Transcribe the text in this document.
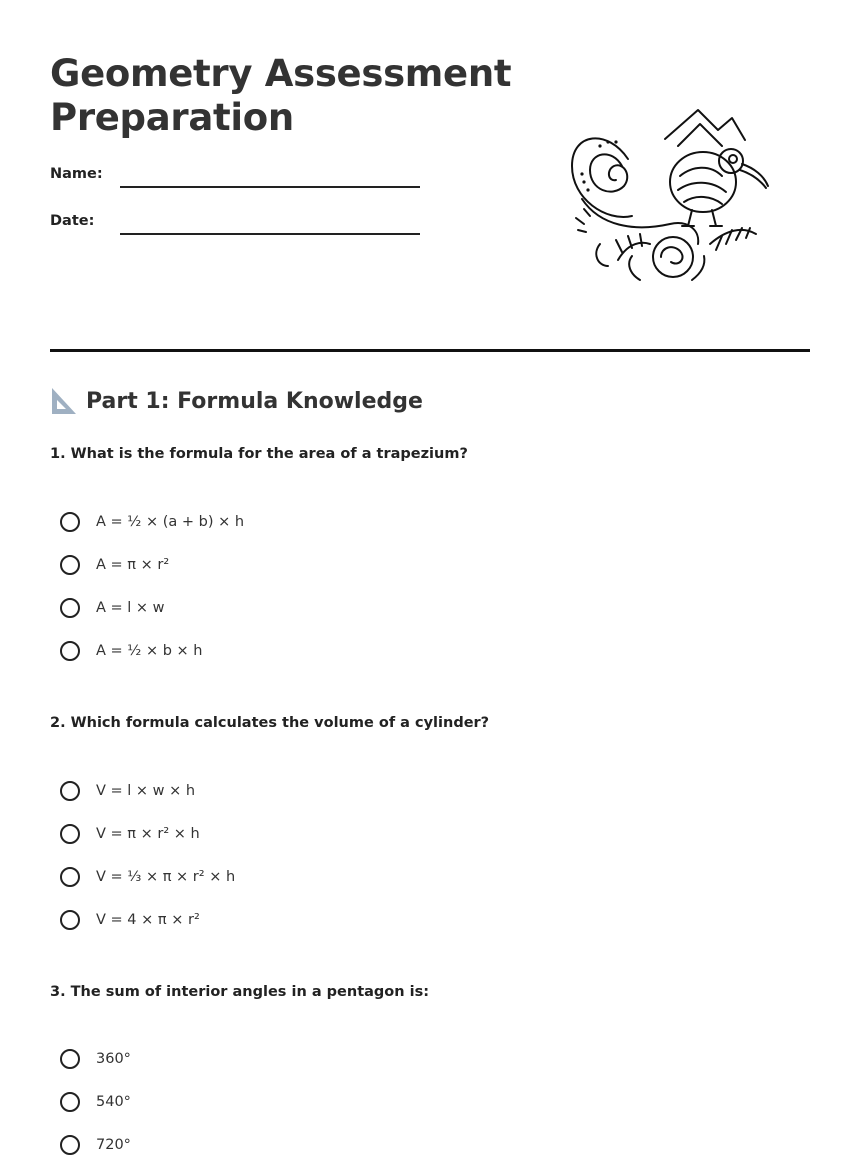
Geometry Assessment
Preparation
Name:
Date:
Part 1: Formula Knowledge
1. What is the formula for the area of a trapezium?
A = ½ × (a + b) × h
A = π × r²
A = l × w
A = ½ × b × h
2. Which formula calculates the volume of a cylinder?
V = l × w × h
V = π × r² × h
V = ⅓ × π × r² × h
V = 4 × π × r²
3. The sum of interior angles in a pentagon is:
360°
540°
720°
